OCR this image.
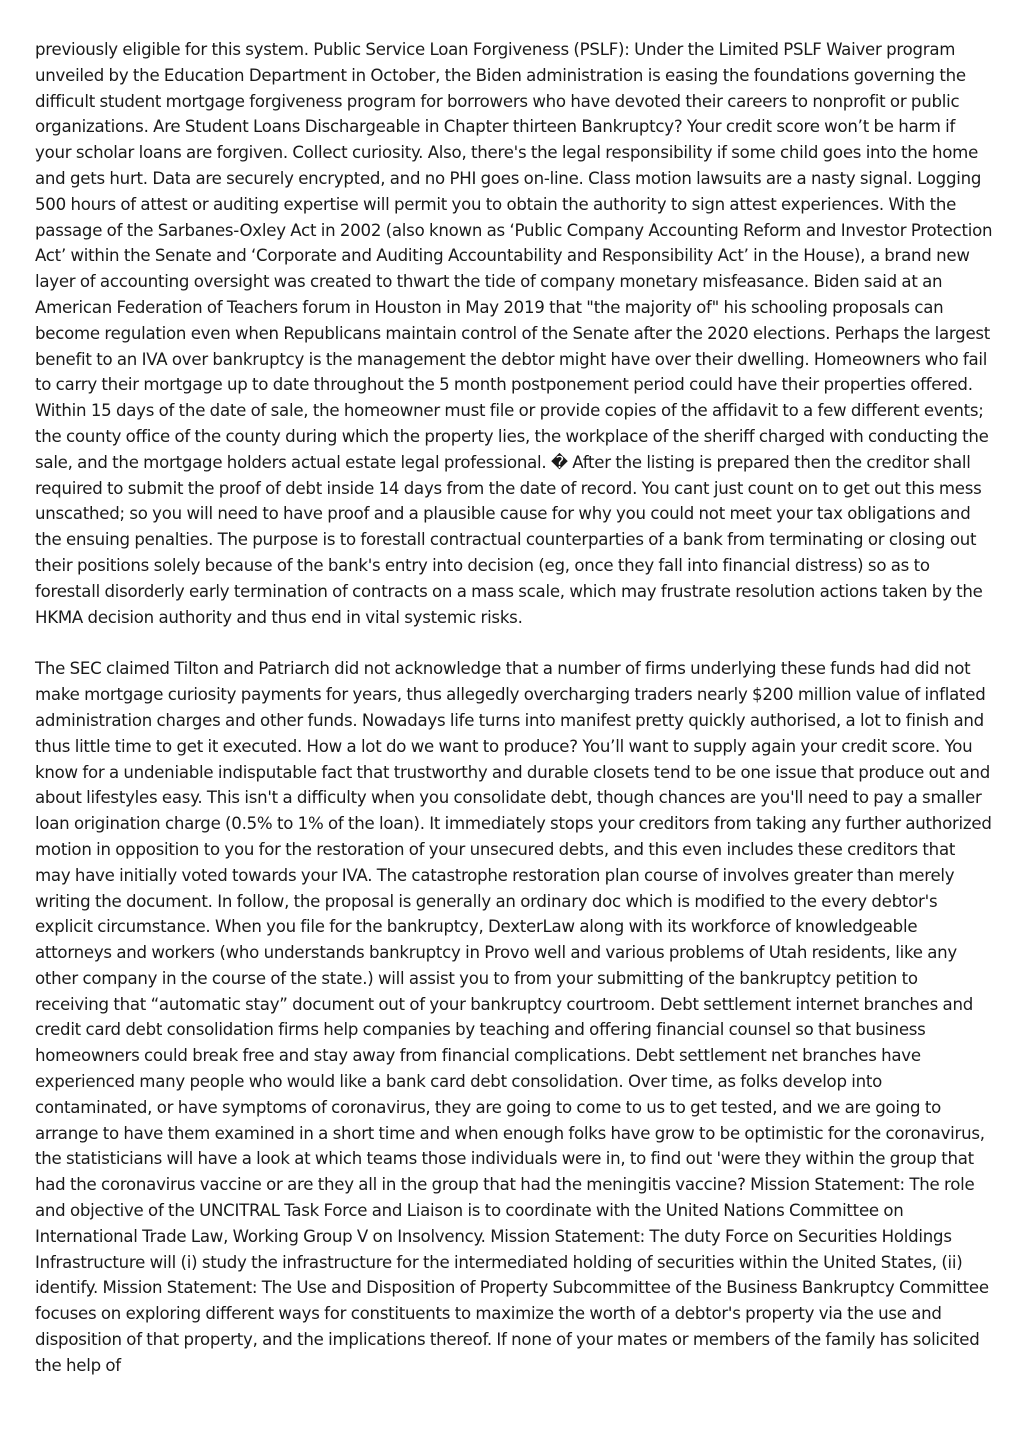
previously eligible for this system. Public Service Loan Forgiveness (PSLF): Under the Limited PSLF Waiver program unveiled by the Education Department in October, the Biden administration is easing the foundations governing the difficult student mortgage forgiveness program for borrowers who have devoted their careers to nonprofit or public organizations. Are Student Loans Dischargeable in Chapter thirteen Bankruptcy? Your credit score won’t be harm if your scholar loans are forgiven. Collect curiosity. Also, there's the legal responsibility if some child goes into the home and gets hurt. Data are securely encrypted, and no PHI goes on-line. Class motion lawsuits are a nasty signal. Logging 500 hours of attest or auditing expertise will permit you to obtain the authority to sign attest experiences. With the passage of the Sarbanes-Oxley Act in 2002 (also known as ‘Public Company Accounting Reform and Investor Protection Act’ within the Senate and ‘Corporate and Auditing Accountability and Responsibility Act’ in the House), a brand new layer of accounting oversight was created to thwart the tide of company monetary misfeasance. Biden said at an American Federation of Teachers forum in Houston in May 2019 that "the majority of" his schooling proposals can become regulation even when Republicans maintain control of the Senate after the 2020 elections. Perhaps the largest benefit to an IVA over bankruptcy is the management the debtor might have over their dwelling. Homeowners who fail to carry their mortgage up to date throughout the 5 month postponement period could have their properties offered. Within 15 days of the date of sale, the homeowner must file or provide copies of the affidavit to a few different events; the county office of the county during which the property lies, the workplace of the sheriff charged with conducting the sale, and the mortgage holders actual estate legal professional. � After the listing is prepared then the creditor shall required to submit the proof of debt inside 14 days from the date of record. You cant just count on to get out this mess unscathed; so you will need to have proof and a plausible cause for why you could not meet your tax obligations and the ensuing penalties. The purpose is to forestall contractual counterparties of a bank from terminating or closing out their positions solely because of the bank's entry into decision (eg, once they fall into financial distress) so as to forestall disorderly early termination of contracts on a mass scale, which may frustrate resolution actions taken by the HKMA decision authority and thus end in vital systemic risks.

The SEC claimed Tilton and Patriarch did not acknowledge that a number of firms underlying these funds had did not make mortgage curiosity payments for years, thus allegedly overcharging traders nearly $200 million value of inflated administration charges and other funds. Nowadays life turns into manifest pretty quickly authorised, a lot to finish and thus little time to get it executed. How a lot do we want to produce? You’ll want to supply again your credit score. You know for a undeniable indisputable fact that trustworthy and durable closets tend to be one issue that produce out and about lifestyles easy. This isn't a difficulty when you consolidate debt, though chances are you'll need to pay a smaller loan origination charge (0.5% to 1% of the loan). It immediately stops your creditors from taking any further authorized motion in opposition to you for the restoration of your unsecured debts, and this even includes these creditors that may have initially voted towards your IVA. The catastrophe restoration plan course of involves greater than merely writing the document. In follow, the proposal is generally an ordinary doc which is modified to the every debtor's explicit circumstance. When you file for the bankruptcy, DexterLaw along with its workforce of knowledgeable attorneys and workers (who understands bankruptcy in Provo well and various problems of Utah residents, like any other company in the course of the state.) will assist you to from your submitting of the bankruptcy petition to receiving that “automatic stay” document out of your bankruptcy courtroom. Debt settlement internet branches and credit card debt consolidation firms help companies by teaching and offering financial counsel so that business homeowners could break free and stay away from financial complications. Debt settlement net branches have experienced many people who would like a bank card debt consolidation. Over time, as folks develop into contaminated, or have symptoms of coronavirus, they are going to come to us to get tested, and we are going to arrange to have them examined in a short time and when enough folks have grow to be optimistic for the coronavirus, the statisticians will have a look at which teams those individuals were in, to find out 'were they within the group that had the coronavirus vaccine or are they all in the group that had the meningitis vaccine? Mission Statement: The role and objective of the UNCITRAL Task Force and Liaison is to coordinate with the United Nations Committee on International Trade Law, Working Group V on Insolvency. Mission Statement: The duty Force on Securities Holdings Infrastructure will (i) study the infrastructure for the intermediated holding of securities within the United States, (ii) identify. Mission Statement: The Use and Disposition of Property Subcommittee of the Business Bankruptcy Committee focuses on exploring different ways for constituents to maximize the worth of a debtor's property via the use and disposition of that property, and the implications thereof. If none of your mates or members of the family has solicited the help of
